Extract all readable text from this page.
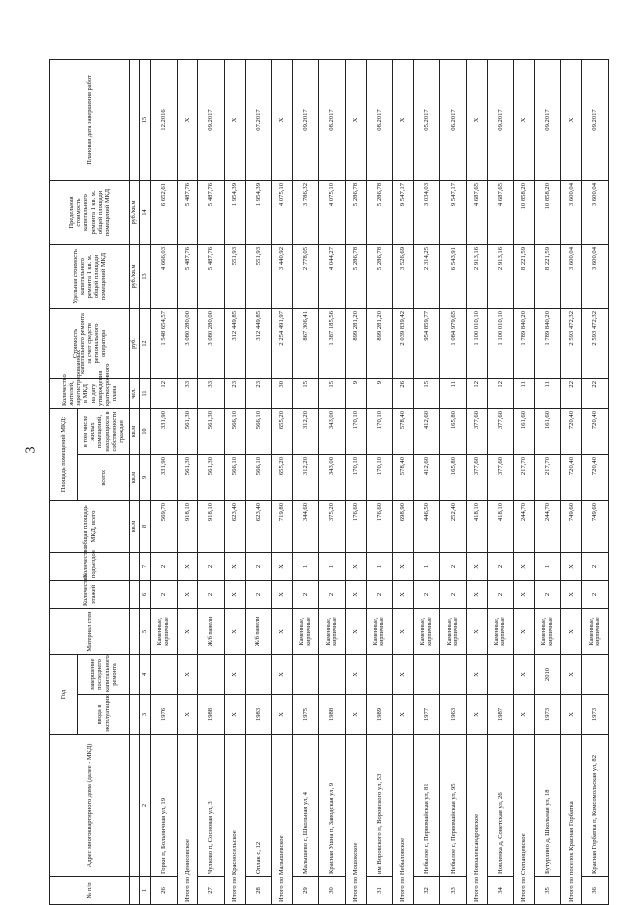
3
№ п/п	Адрес многоквартирного дома (далее - МКД)	Год		Материал стен	Количество этажей	Количество подъездов	общая площадь МКД, всего	Площадь помещений МКД:		Количество жителей, зарегистрированных в МКД на дату утверждения краткосрочного плана	Стоимость капитального ремонта за счет средств регионального оператора	Удельная стоимость капитального ремонта 1 кв. м. общей площади помещений МКД	Предельная стоимость капитального ремонта 1 кв. м. общей площади помещений МКД	Плановая дата завершения работ
		ввода в эксплуатацию	завершение последнего капитального ремонта					всего:	в том числе жилых помещений, находящихся в собственности граждан					
							кв.м	кв.м	кв.м	чел.	руб.	руб./кв.м	руб./кв.м	
1	2	3	4	5	6	7	8	9	10	11	12	13	14	15
26	Горки п, Больничная ул, 19	1976		Каменные, кирпичные	2	2	569,70	331,90	331,90	12	1 548 654,57	4 666,03	6 652,61	12.2016
Итого по Денисовское		X	X	X	X	X	918,10	561,30	561,30	33	3 080 280,00	5 487,76	5 487,76	X
27	Чулково п, Сосновая ул, 3	1988		Ж/б панели	2	2	918,10	561,30	561,30	33	3 080 280,00	5 487,76	5 487,76	09.2017
Итого по Красносельское		X	X	X	X	X	623,40	566,10	566,10	23	312 449,85	551,93	1 954,39	X
28	Оплак с, 12	1983		Ж/б панели	2	2	623,40	566,10	566,10	23	312 449,85	551,93	1 954,39	07.2017
Итого по Малышевское		X	X	X	X	X	719,80	655,20	655,20	30	2 254 491,97	3 440,92	4 075,10	X
29	Малышево с, Школьная ул, 4	1975		Каменные, кирпичные	2	1	344,60	312,20	312,20	15	867 306,41	2 778,05	3 786,32	09.2017
30	Красная Ушна п, Заводская ул, 9	1988		Каменные, кирпичные	2	1	375,20	343,00	343,00	15	1 387 185,56	4 044,27	4 075,10	08.2017
Итого по Мошокское		X	X	X	X	X	176,60	170,10	170,10	9	899 281,20	5 286,78	5 286,78	X
31	им Воровского п, Воровского ул, 53	1989		Каменные, кирпичные	2	1	176,60	170,10	170,10	9	899 281,20	5 286,78	5 286,78	08.2017
Итого по Небыловское		X	X	X	X	X	698,90	578,40	578,40	26	2 039 839,42	3 526,69	9 547,17	X
32	Небылое с, Первомайская ул, 81	1977		Каменные, кирпичные	2	1	446,50	412,60	412,60	15	954 859,77	2 314,25	3 034,03	05.2017
33	Небылое с, Первомайская ул, 95	1963		Каменные, кирпичные	2	2	252,40	165,80	165,80	11	1 084 979,65	6 543,91	9 547,17	06.2017
Итого по Новоалександровское		X	X	X	X	X	418,10	377,60	377,60	12	1 100 010,10	2 913,16	4 687,65	X
34	Новленка д, Советская ул, 26	1987		Каменные, кирпичные	2	2	418,10	377,60	377,60	12	1 100 010,10	2 913,16	4 687,65	09.2017
Итого по Степанцевское		X	X	X	X	X	244,70	217,70	161,60	11	1 789 840,20	8 221,59	10 858,20	X
35	Бутурлино д, Школьная ул, 18	1973	2010	Каменные, кирпичные	2	1	244,70	217,70	161,60	11	1 789 840,20	8 221,59	10 858,20	09.2017
Итого по поселок Красная Горбатка		X	X	X	X	X	749,60	720,40	720,40	22	2 593 472,32	3 600,04	3 600,04	X
36	Красная Горбатка п, Комсомольская ул, 82	1973		Каменные, кирпичные	2	2	749,60	720,40	720,40	22	2 593 472,32	3 600,04	3 600,04	09.2017
